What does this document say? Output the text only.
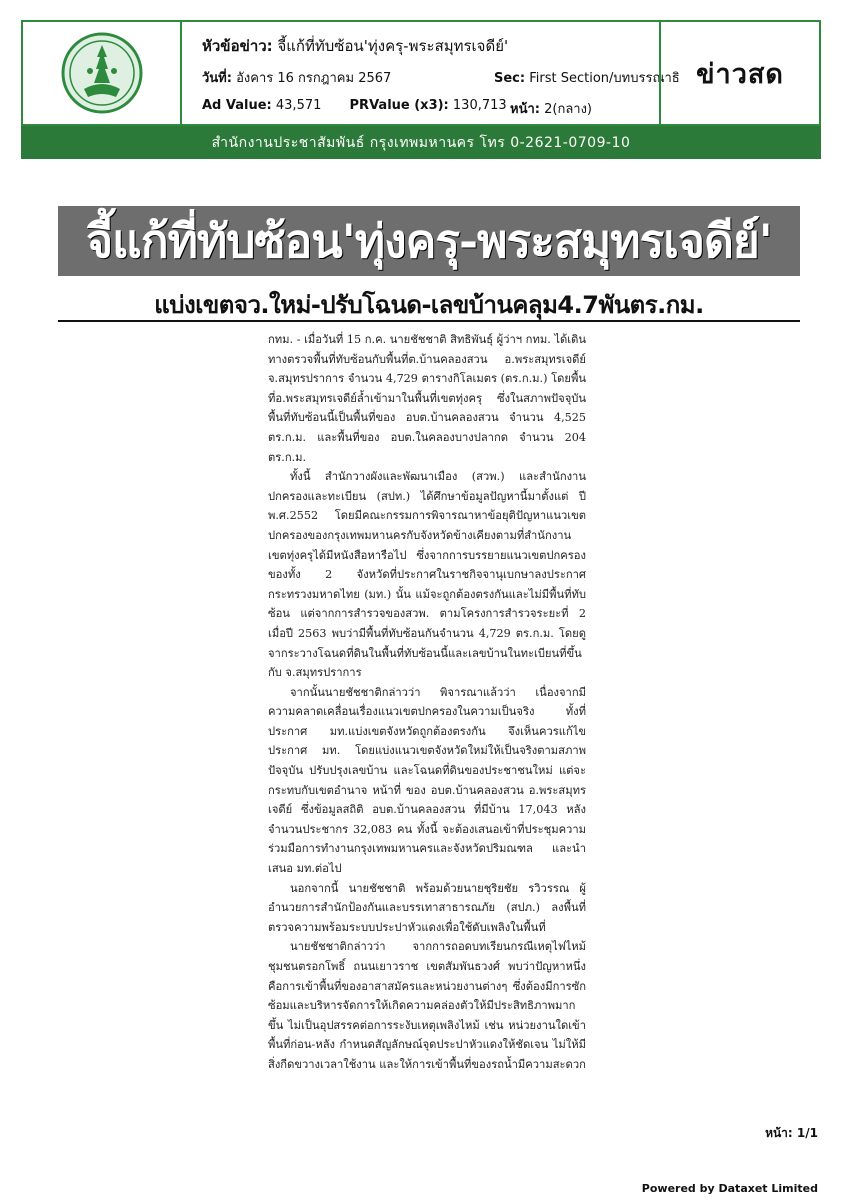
หัวข้อข่าว: จี้แก้ที่ทับซ้อน'ทุ่งครุ-พระสมุทรเจดีย์'
วันที่: อังคาร 16 กรกฎาคม 2567	Sec: First Section/บทบรรณาธิ
Ad Value: 43,571 PRValue (x3): 130,713 หน้า: 2(กลาง)
ข่าวสด
สำนักงานประชาสัมพันธ์ กรุงเทพมหานคร โทร 0-2621-0709-10
จี้แก้ที่ทับซ้อน'ทุ่งครุ-พระสมุทรเจดีย์'
แบ่งเขตจว.ใหม่-ปรับโฉนด-เลขบ้านคลุม4.7พันตร.กม.

กทม. - เมื่อวันที่ 15 ก.ค. นายชัชชาติ สิทธิพันธุ์ ผู้ว่าฯ กทม. ได้เดินทางตรวจพื้นที่ทับซ้อนกับพื้นที่ต.บ้านคลองสวน อ.พระสมุทรเจดีย์ จ.สมุทรปราการ จำนวน 4,729 ตารางกิโลเมตร (ตร.ก.ม.) โดยพื้นที่อ.พระสมุทรเจดีย์ล้ำเข้ามาในพื้นที่เขตทุ่งครุ ซึ่งในสภาพปัจจุบันพื้นที่ทับซ้อนนี้เป็นพื้นที่ของ อบต.บ้านคลองสวน จำนวน 4,525 ตร.ก.ม. และพื้นที่ของ อบต.ในคลองบางปลากด จำนวน 204 ตร.ก.ม.

ทั้งนี้ สำนักวางผังและพัฒนาเมือง (สวพ.) และสำนักงานปกครองและทะเบียน (สปท.) ได้ศึกษาข้อมูลปัญหานี้มาตั้งแต่ ปี พ.ศ.2552 โดยมีคณะกรรมการพิจารณาหาข้อยุติปัญหาแนวเขตปกครองของกรุงเทพมหานครกับจังหวัดข้างเคียงตามที่สำนักงานเขตทุ่งครุได้มีหนังสือหารือไป ซึ่งจากการบรรยายแนวเขตปกครองของทั้ง 2 จังหวัดที่ประกาศในราชกิจจานุเบกษาลงประกาศกระทรวงมหาดไทย (มท.) นั้น แม้จะถูกต้องตรงกันและไม่มีพื้นที่ทับซ้อน แต่จากการสำรวจของสวพ. ตามโครงการสำรวจระยะที่ 2 เมื่อปี 2563 พบว่ามีพื้นที่ทับซ้อนกันจำนวน 4,729 ตร.ก.ม. โดยดูจากระวางโฉนดที่ดินในพื้นที่ทับซ้อนนี้และเลขบ้านในทะเบียนที่ขึ้นกับ จ.สมุทรปราการ

จากนั้นนายชัชชาติกล่าวว่า พิจารณาแล้วว่า เนื่องจากมีความคลาดเคลื่อนเรื่องแนวเขตปกครองในความเป็นจริง ทั้งที่ประกาศ มท.แบ่งเขตจังหวัดถูกต้องตรงกัน จึงเห็นควรแก้ไขประกาศ มท. โดยแบ่งแนวเขตจังหวัดใหม่ให้เป็นจริงตามสภาพปัจจุบัน ปรับปรุงเลขบ้าน และโฉนดที่ดินของประชาชนใหม่ แต่จะกระทบกับเขตอำนาจ หน้าที่ ของ อบต.บ้านคลองสวน อ.พระสมุทรเจดีย์ ซึ่งข้อมูลสถิติ อบต.บ้านคลองสวน ที่มีบ้าน 17,043 หลัง จำนวนประชากร 32,083 คน ทั้งนี้ จะต้องเสนอเข้าที่ประชุมความร่วมมือการทำงานกรุงเทพมหานครและจังหวัดปริมณฑล และนำเสนอ มท.ต่อไป

นอกจากนี้ นายชัชชาติ พร้อมด้วยนายชุริยชัย รวิวรรณ ผู้อำนวยการสำนักป้องกันและบรรเทาสาธารณภัย (สปภ.) ลงพื้นที่ตรวจความพร้อมระบบประปาหัวแดงเพื่อใช้ดับเพลิงในพื้นที่

นายชัชชาติกล่าวว่า จากการถอดบทเรียนกรณีเหตุไฟไหม้ชุมชนตรอกโพธิ์ ถนนเยาวราช เขตสัมพันธวงศ์ พบว่าปัญหาหนึ่งคือการเข้าพื้นที่ของอาสาสมัครและหน่วยงานต่างๆ ซึ่งต้องมีการซักซ้อมและบริหารจัดการให้เกิดความคล่องตัวให้มีประสิทธิภาพมากขึ้น ไม่เป็นอุปสรรคต่อการระงับเหตุเพลิงไหม้ เช่น หน่วยงานใดเข้าพื้นที่ก่อน-หลัง กำหนดสัญลักษณ์จุดประปาหัวแดงให้ชัดเจน ไม่ให้มีสิ่งกีดขวางเวลาใช้งาน และให้การเข้าพื้นที่ของรถน้ำมีความสะดวก

หน้า: 1/1
Powered by Dataxet Limited
